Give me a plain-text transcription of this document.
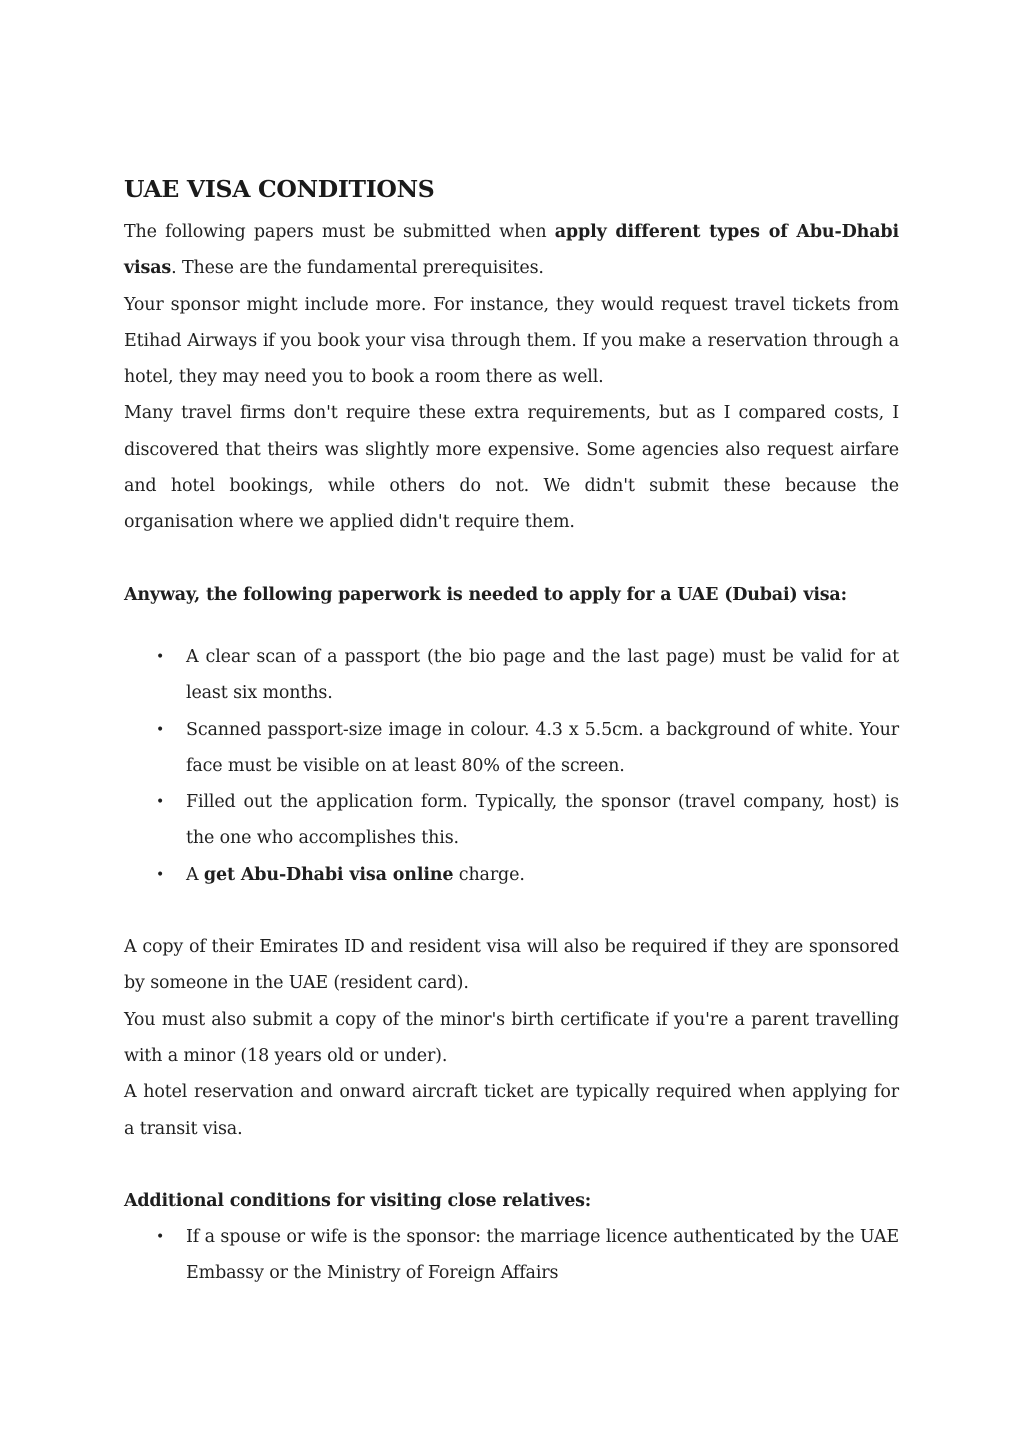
UAE VISA CONDITIONS

The following papers must be submitted when apply different types of Abu-Dhabi visas. These are the fundamental prerequisites.

Your sponsor might include more. For instance, they would request travel tickets from Etihad Airways if you book your visa through them. If you make a reservation through a hotel, they may need you to book a room there as well.

Many travel firms don't require these extra requirements, but as I compared costs, I discovered that theirs was slightly more expensive. Some agencies also request airfare and hotel bookings, while others do not. We didn't submit these because the organisation where we applied didn't require them.

Anyway, the following paperwork is needed to apply for a UAE (Dubai) visa:

• A clear scan of a passport (the bio page and the last page) must be valid for at least six months.
• Scanned passport-size image in colour. 4.3 x 5.5cm. a background of white. Your face must be visible on at least 80% of the screen.
• Filled out the application form. Typically, the sponsor (travel company, host) is the one who accomplishes this.
• A get Abu-Dhabi visa online charge.

A copy of their Emirates ID and resident visa will also be required if they are sponsored by someone in the UAE (resident card).

You must also submit a copy of the minor's birth certificate if you're a parent travelling with a minor (18 years old or under).

A hotel reservation and onward aircraft ticket are typically required when applying for a transit visa.

Additional conditions for visiting close relatives:

• If a spouse or wife is the sponsor: the marriage licence authenticated by the UAE Embassy or the Ministry of Foreign Affairs
